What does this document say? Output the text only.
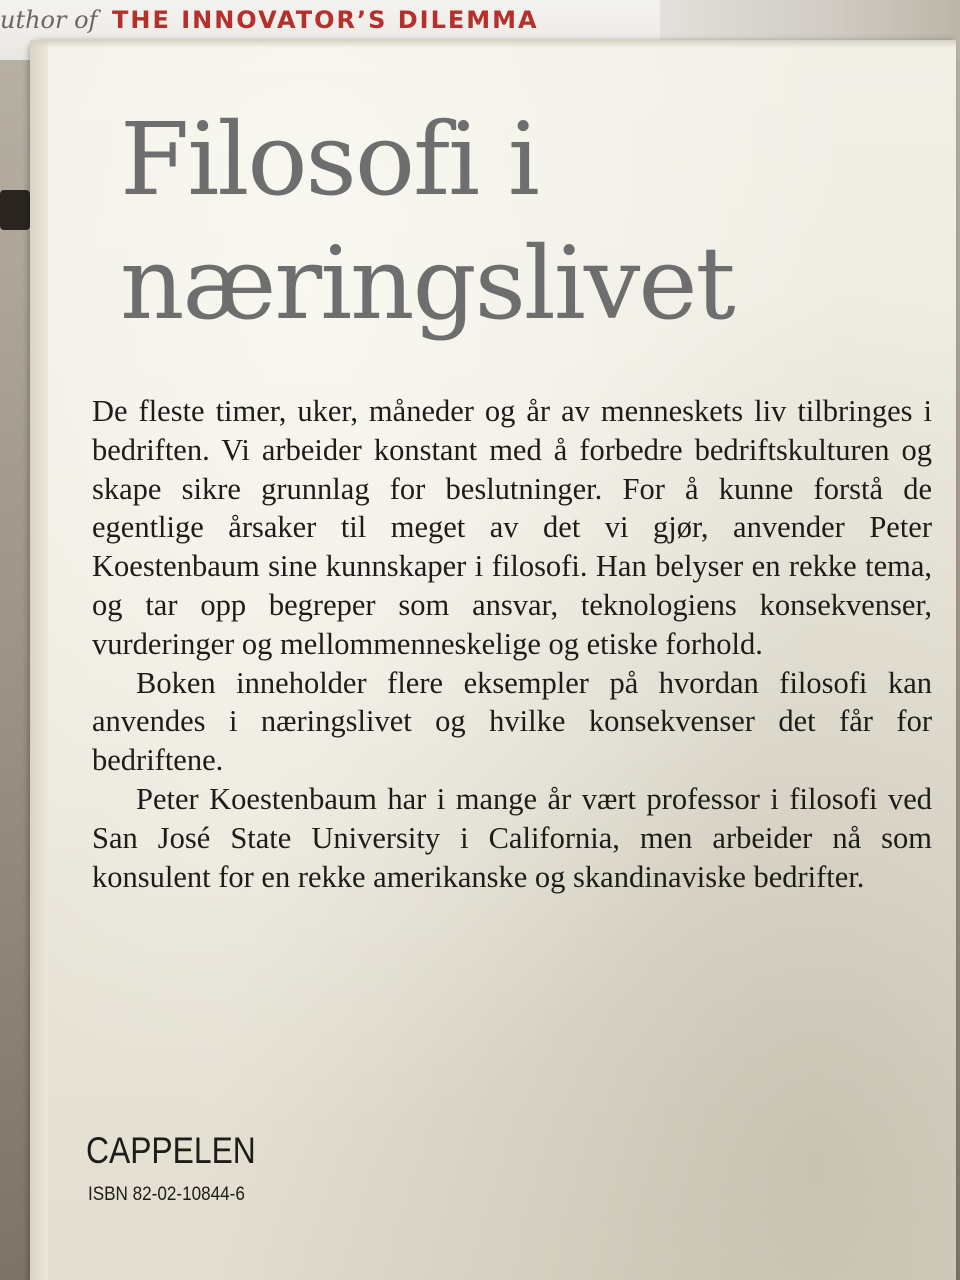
uthor of THE INNOVATOR’S DILEMMA
Filosofi i
næringslivet

De fleste timer, uker, måneder og år av menneskets liv tilbringes i bedriften. Vi arbeider konstant med å forbedre bedriftskulturen og skape sikre grunnlag for beslutninger. For å kunne forstå de egentlige årsaker til meget av det vi gjør, anvender Peter Koestenbaum sine kunnskaper i filosofi. Han belyser en rekke tema, og tar opp begreper som ansvar, teknologiens konsekvenser, vurderinger og mellommenneskelige og etiske forhold.

Boken inneholder flere eksempler på hvordan filosofi kan anvendes i næringslivet og hvilke konsekvenser det får for bedriftene.

Peter Koestenbaum har i mange år vært professor i filosofi ved San José State University i California, men arbeider nå som konsulent for en rekke amerikanske og skandinaviske bedrifter.

CAPPELEN
ISBN 82-02-10844-6
